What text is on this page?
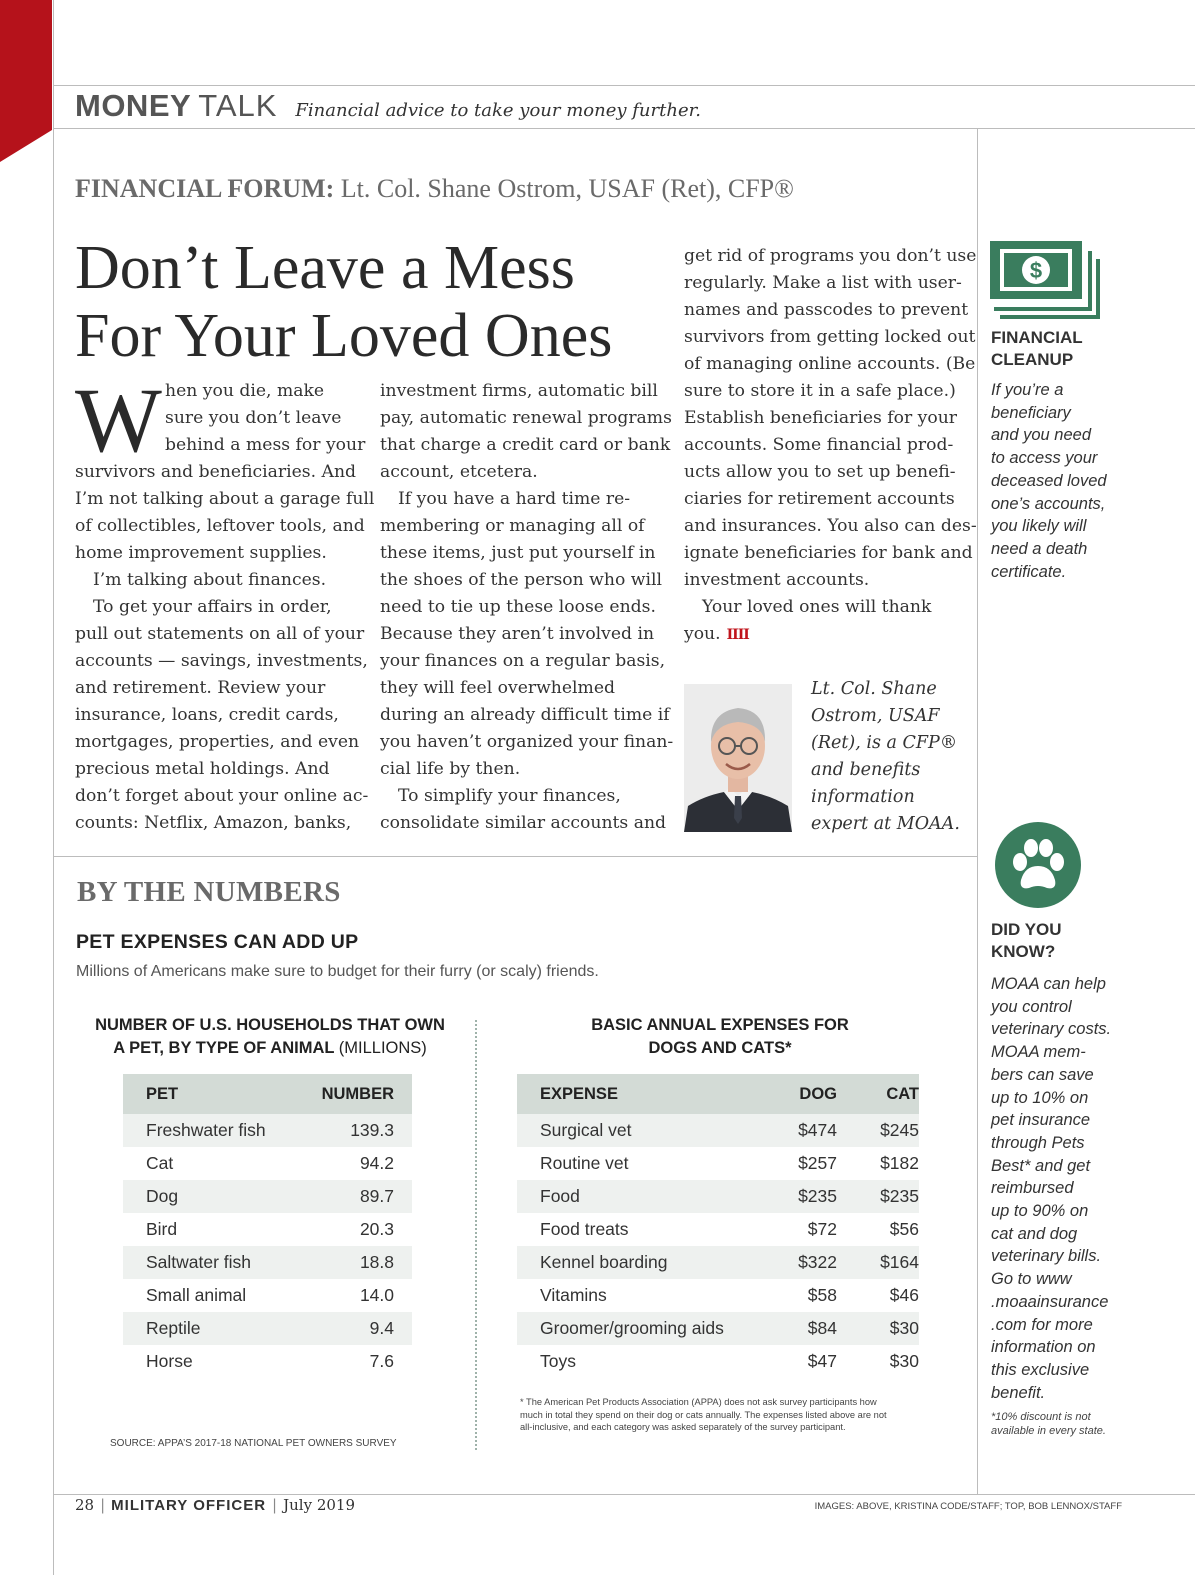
MONEY TALK Financial advice to take your money further.
FINANCIAL FORUM: Lt. Col. Shane Ostrom, USAF (Ret), CFP®
Don’t Leave a Mess
For Your Loved Ones
W hen you die, make
sure you don’t leave
behind a mess for your
survivors and beneficiaries. And
I’m not talking about a garage full
of collectibles, leftover tools, and
home improvement supplies.
I’m talking about finances.
To get your affairs in order,
pull out statements on all of your
accounts — savings, investments,
and retirement. Review your
insurance, loans, credit cards,
mortgages, properties, and even
precious metal holdings. And
don’t forget about your online ac-
counts: Netflix, Amazon, banks,
investment firms, automatic bill
pay, automatic renewal programs
that charge a credit card or bank
account, etcetera.
If you have a hard time re-
membering or managing all of
these items, just put yourself in
the shoes of the person who will
need to tie up these loose ends.
Because they aren’t involved in
your finances on a regular basis,
they will feel overwhelmed
during an already difficult time if
you haven’t organized your finan-
cial life by then.
To simplify your finances,
consolidate similar accounts and
get rid of programs you don’t use
regularly. Make a list with user-
names and passcodes to prevent
survivors from getting locked out
of managing online accounts. (Be
sure to store it in a safe place.)
Establish beneficiaries for your
accounts. Some financial prod-
ucts allow you to set up benefi-
ciaries for retirement accounts
and insurances. You also can des-
ignate beneficiaries for bank and
investment accounts.
Your loved ones will thank
you. IIII
Lt. Col. Shane
Ostrom, USAF
(Ret), is a CFP®
and benefits
information
expert at MOAA.
$
FINANCIAL
CLEANUP
If you’re a
beneficiary
and you need
to access your
deceased loved
one’s accounts,
you likely will
need a death
certificate.
DID YOU
KNOW?
MOAA can help
you control
veterinary costs.
MOAA mem-
bers can save
up to 10% on
pet insurance
through Pets
Best* and get
reimbursed
up to 90% on
cat and dog
veterinary bills.
Go to www
.moaainsurance
.com for more
information on
this exclusive
benefit.
*10% discount is not
available in every state.
BY THE NUMBERS
PET EXPENSES CAN ADD UP
Millions of Americans make sure to budget for their furry (or scaly) friends.
NUMBER OF U.S. HOUSEHOLDS THAT OWN
A PET, BY TYPE OF ANIMAL (MILLIONS)
PET	NUMBER
Freshwater fish	139.3
Cat	94.2
Dog	89.7
Bird	20.3
Saltwater fish	18.8
Small animal	14.0
Reptile	9.4
Horse	7.6
BASIC ANNUAL EXPENSES FOR
DOGS AND CATS*
EXPENSE	DOG	CAT
Surgical vet	$474	$245
Routine vet	$257	$182
Food	$235	$235
Food treats	$72	$56
Kennel boarding	$322	$164
Vitamins	$58	$46
Groomer/grooming aids	$84	$30
Toys	$47	$30
* The American Pet Products Association (APPA) does not ask survey participants how
much in total they spend on their dog or cats annually. The expenses listed above are not
all-inclusive, and each category was asked separately of the survey participant.
SOURCE: APPA’S 2017-18 NATIONAL PET OWNERS SURVEY
28 | MILITARY OFFICER | July 2019	IMAGES: ABOVE, KRISTINA CODE/STAFF; TOP, BOB LENNOX/STAFF
